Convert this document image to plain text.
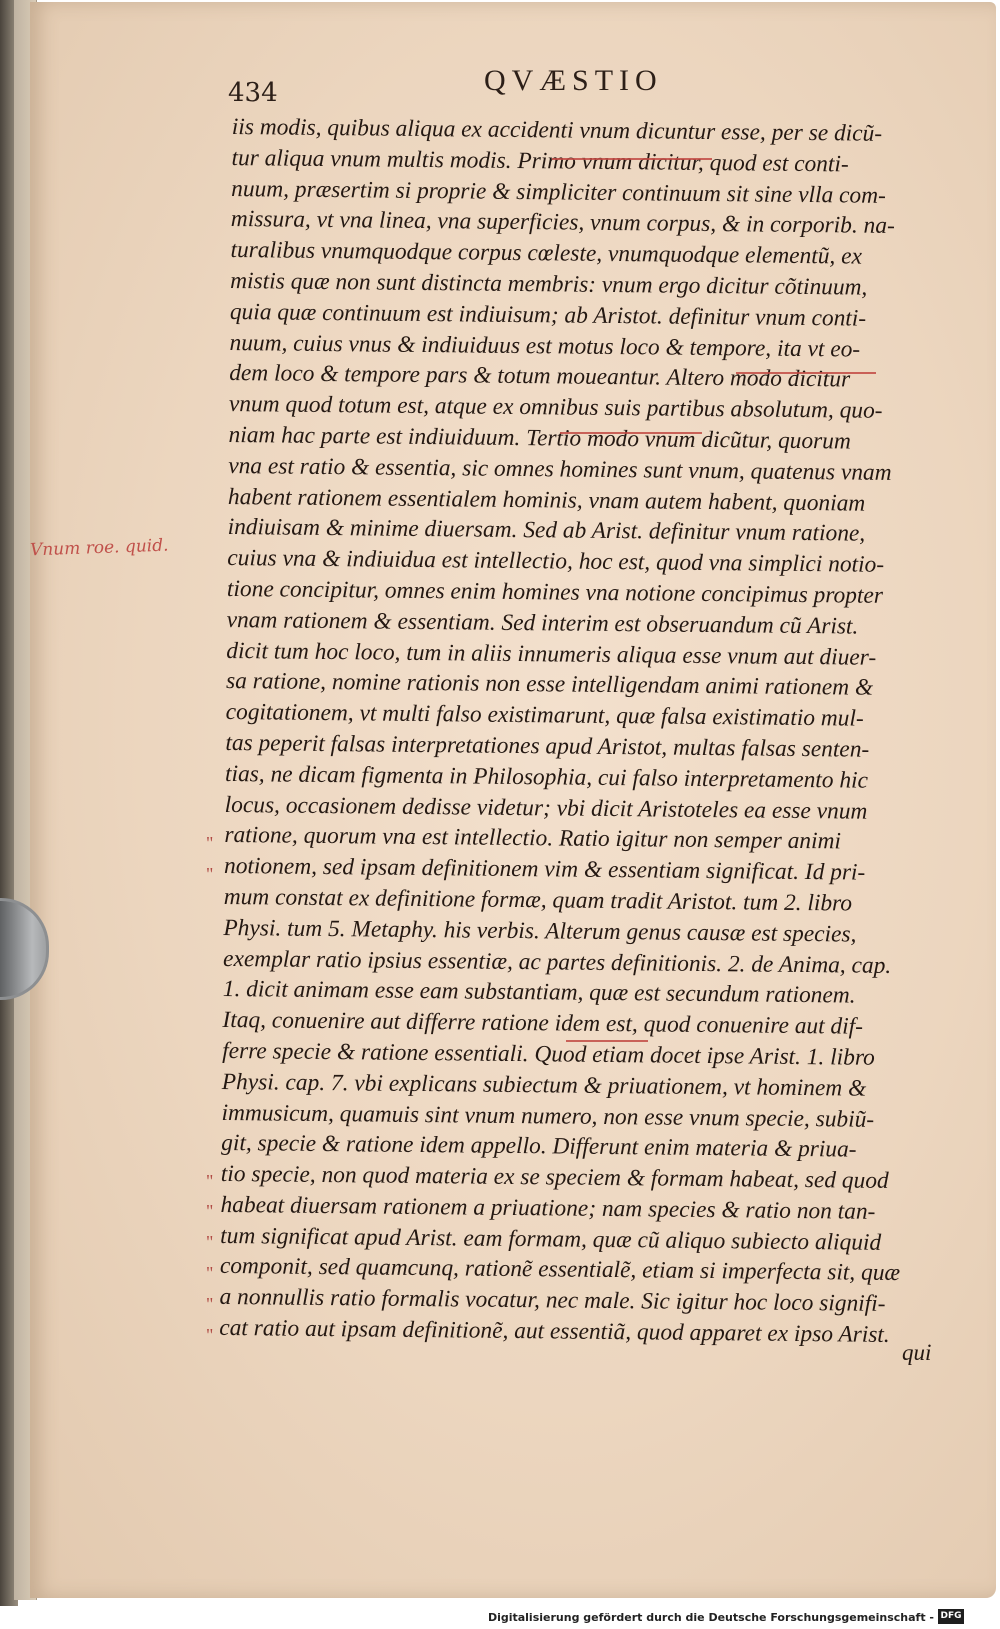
434	QVÆSTIO
Vnum roe. quid.
"
"
"
"
"
"
"
"
iis modis, quibus aliqua ex accidenti vnum dicuntur esse, per se dicũ-
tur aliqua vnum multis modis. Primo vnum dicitur, quod est conti-
nuum, præsertim si proprie & simpliciter continuum sit sine vlla com-
missura, vt vna linea, vna superficies, vnum corpus, & in corporib. na-
turalibus vnumquodque corpus cœleste, vnumquodque elementũ, ex
mistis quæ non sunt distincta membris: vnum ergo dicitur cõtinuum,
quia quæ continuum est indiuisum; ab Aristot. definitur vnum conti-
nuum, cuius vnus & indiuiduus est motus loco & tempore, ita vt eo-
dem loco & tempore pars & totum moueantur. Altero modo dicitur
vnum quod totum est, atque ex omnibus suis partibus absolutum, quo-
niam hac parte est indiuiduum. Tertio modo vnum dicũtur, quorum
vna est ratio & essentia, sic omnes homines sunt vnum, quatenus vnam
habent rationem essentialem hominis, vnam autem habent, quoniam
indiuisam & minime diuersam. Sed ab Arist. definitur vnum ratione,
cuius vna & indiuidua est intellectio, hoc est, quod vna simplici notio-
tione concipitur, omnes enim homines vna notione concipimus propter
vnam rationem & essentiam. Sed interim est obseruandum cũ Arist.
dicit tum hoc loco, tum in aliis innumeris aliqua esse vnum aut diuer-
sa ratione, nomine rationis non esse intelligendam animi rationem &
cogitationem, vt multi falso existimarunt, quæ falsa existimatio mul-
tas peperit falsas interpretationes apud Aristot, multas falsas senten-
tias, ne dicam figmenta in Philosophia, cui falso interpretamento hic
locus, occasionem dedisse videtur; vbi dicit Aristoteles ea esse vnum
ratione, quorum vna est intellectio. Ratio igitur non semper animi
notionem, sed ipsam definitionem vim & essentiam significat. Id pri-
mum constat ex definitione formæ, quam tradit Aristot. tum 2. libro
Physi. tum 5. Metaphy. his verbis. Alterum genus causæ est species,
exemplar ratio ipsius essentiæ, ac partes definitionis. 2. de Anima, cap.
1. dicit animam esse eam substantiam, quæ est secundum rationem.
Itaq, conuenire aut differre ratione idem est, quod conuenire aut dif-
ferre specie & ratione essentiali. Quod etiam docet ipse Arist. 1. libro
Physi. cap. 7. vbi explicans subiectum & priuationem, vt hominem &
immusicum, quamuis sint vnum numero, non esse vnum specie, subiũ-
git, specie & ratione idem appello. Differunt enim materia & priua-
tio specie, non quod materia ex se speciem & formam habeat, sed quod
habeat diuersam rationem a priuatione; nam species & ratio non tan-
tum significat apud Arist. eam formam, quæ cũ aliquo subiecto aliquid
componit, sed quamcunq, rationẽ essentialẽ, etiam si imperfecta sit, quæ
a nonnullis ratio formalis vocatur, nec male. Sic igitur hoc loco signifi-
cat ratio aut ipsam definitionẽ, aut essentiã, quod apparet ex ipso Arist.
qui
Digitalisierung gefördert durch die Deutsche Forschungsgemeinschaft - DFG
